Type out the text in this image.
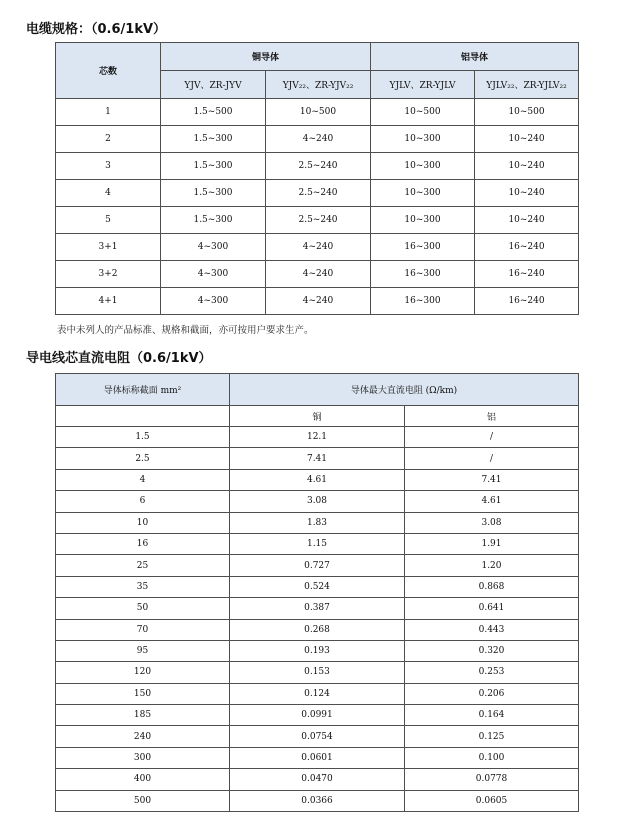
电缆规格：（0.6/1kV）
芯数	铜导体		铝导体	
	YJV、ZR-JYV	YJV₂₂、ZR-YJV₂₂	YJLV、ZR-YJLV	YJLV₂₂、ZR-YJLV₂₂
1	1.5~500	10~500	10~500	10~500
2	1.5~300	4~240	10~300	10~240
3	1.5~300	2.5~240	10~300	10~240
4	1.5~300	2.5~240	10~300	10~240
5	1.5~300	2.5~240	10~300	10~240
3+1	4~300	4~240	16~300	16~240
3+2	4~300	4~240	16~300	16~240
4+1	4~300	4~240	16~300	16~240
表中未列人的产品标准、规格和截面，亦可按用户要求生产。
导电线芯直流电阻（0.6/1kV）
导体标称截面 mm²	导体最大直流电阻 (Ω/km)	
	铜	铝
1.5	12.1	/
2.5	7.41	/
4	4.61	7.41
6	3.08	4.61
10	1.83	3.08
16	1.15	1.91
25	0.727	1.20
35	0.524	0.868
50	0.387	0.641
70	0.268	0.443
95	0.193	0.320
120	0.153	0.253
150	0.124	0.206
185	0.0991	0.164
240	0.0754	0.125
300	0.0601	0.100
400	0.0470	0.0778
500	0.0366	0.0605
